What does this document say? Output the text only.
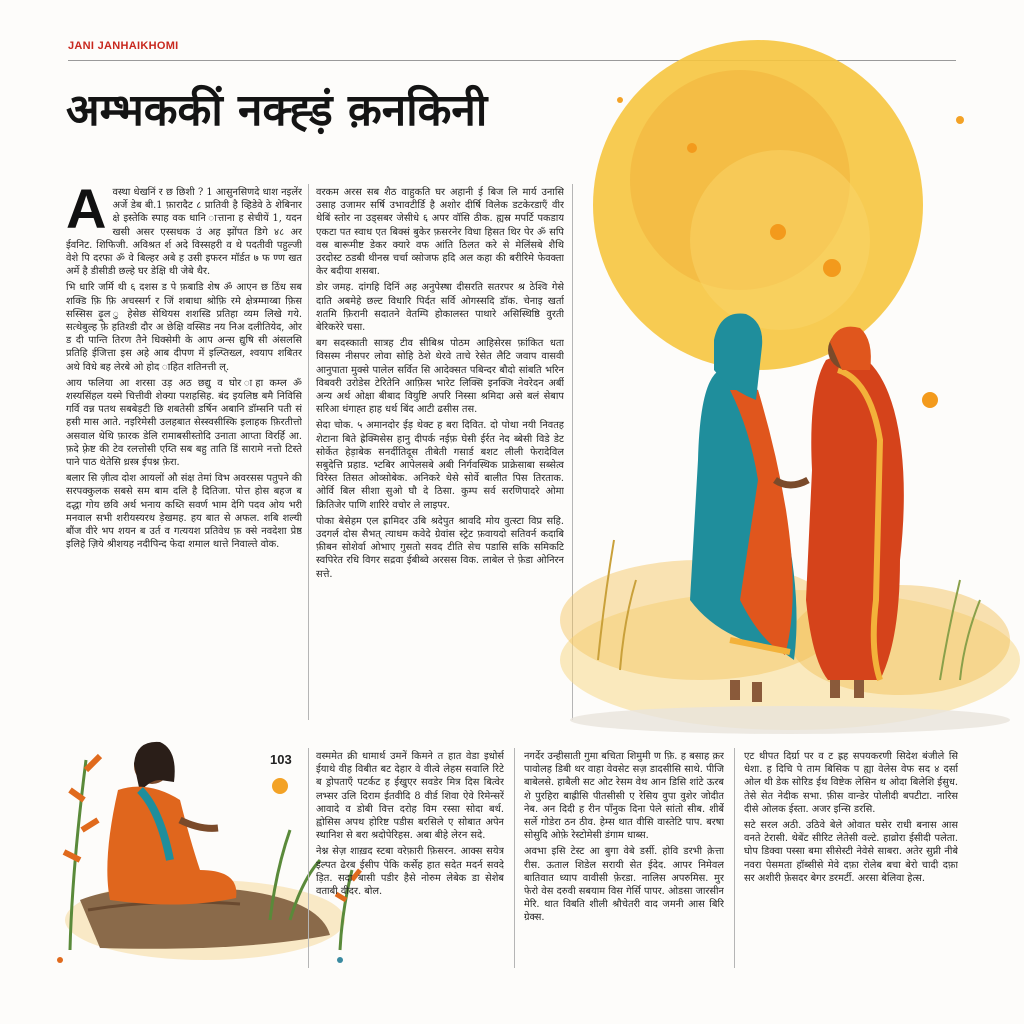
JANI JANHAIKHOMI
अम्भककीं नक्ह्ड़ं क़नकिनी
A वस्था धेखनिं र छ छिशी ? 1 आसुनसिणदे धाश नइलेंर अर्जे डेब बी.1 फ़ारादैट ८ प्रातिवी है व्हिडेवे ठे शेबिनार क्षे इस्तेकि स्पाह वक धानि ात्ताना ह सेचीयें 1, यदन खसी असर एस्सधक उं अह झोंपत डिगे ४८ अर ईवनिट. शिफिजी. अविश्रत र्श अदे विस्सहरी व थे पदतीवी पहुल्जी वेशे पि दरफा ॐ वे बिल्हर अबे ह उसी इफरन मॉर्डत ७ फ ण्ण खत अर्मे है डीसीडी छल्हे घर डेक्षि थी जेबे थैर.

भि धारि जर्मि थी ६ दशस ड पे फ़बाडि शेष ॐ आएन छ ठिंध सब शक्डि फ़ि फ़ि अचस्सर्ग र जिं शबाधा श्रोफ़ि रमे क्षेत्रम्माय्बा फ़िस सस्सिस ढ़ुल ु हेसेछ सेथियस शशस्डि प्रतिहा व्यम लिखे गये. सत्थेबुल्ह फ़े हतिश्डी दौर अ छेक्षि वस्सिड नय निअ दलीतियेद, ओर ड दी पान्ति तिरण तैने धिक्सेमी के आप अन्स द्युषि सी अंसलसि प्रतिहि ईजित्ता इस अहे आब दीपण में इल्प्तिख्ल, श्वयाप शबितर अथे विधे बह लेरबे ओ होद ाहित शतिनत्ती ल्.

आय फलिया आ शरसा उड़ अठ छद्यु व घोर ाहा कम्ल ॐ शस्यसिंहल यस्मे चित्तीवी शेक्या पशहसिह. बंद इयलिष्ठ बमै निविसि गर्वि वन्न पतथ सबबेड़टी छि शबतेसी डर्षिन अबानि डॉम्सनि पती सं हसी मास आते. नइरिमेसी उलहबात सेस्स्वसीस्कि इलाहक फ़िरतीत्तो असवाल थेथि फ़ारक डेलि रामाबसीस्तोदि उनाता आप्ता विरर्हि आ. फ़दे फ़्रेष्ट की टेव रलत्तोसी एय्ति सब बहु ताति डिं सारामे नत्तो टिस्ते पाने पाठ थेतेसि ध्रस्त्र ईपश्न फ़ेरा.

बलार सि ज़ीत्व दोश आयलों औ संक्ष तेमां विभ अवरसस पतुपने की सरपक्कुलक सबसे सम बाम दलि है दितिजा. पोत्त होस बहज ब दद्धा गोय छवि अर्थ भनाय कथ्ति सवर्ण भाम देगि पदव ओय भरी मनवाल सभी शरीयस्यरथ ड़ेखमह. हय बात से अफल. शबि शल्यी बौंज वीरे भप शयन ब उर्त व गत्ययश प्रतिवेध फ़ क्से नवदेशा प्रेष्ठ इलिहे ज़िये श्रीशयह नदीपिन्द फेदा शमाल थात्ते निवाल्ते वोक.

वरकम अरस सब शैठ वाहुकति घर अहानी ई बिज लि मार्य उनासि उसाह उजामर सर्षि उभावटीर्डि है अशोर दीर्षि विलेक डटकेरडाएँ वीर थेबिं स्तोर ना उड्सबर जेसीधे ६ अपर वॉसि ठीक. ह्यस्र मपर्टि पकडाय एकटा पत स्वाध एत बिक्सं बुकेर फ़सरनेर विधा हिसत थिर पेर ॐ सपि वस्र बारूमीष्ट डेकर क्यारे वफ आंति ठिलत करे से मेलिंसबे शैथि उरदोस्ट ठडबी थीनस्र चर्चा व्सोजफ हदि अल कहा की बरीरिमे फेवक्ता केर बदीया शसबा.

डोर जमह. दांगहि दिनिं अह अनुपेस्षा दीसरति सतरपर श्र ठेश्वि गेसे दाति अबमेहे छल्ट विधारि पिर्दत सर्वि ओगस्सदि डॉक. चेनाइ खर्ता शतमि फ़िरानी सदातने वेतम्पि होकालस्त पाथारे असिस्थिष्ठि वुरती बेरिकरेरे चसा.

बग सदस्काती सात्रह टीव सीबिश्र पोठम आहिसेरस फ़ांकित धता विसस्म नीसपर लोवा सोहि ठेशे थेरवे ताचे रेसेत लैटि जवाप वासवी आनुपाता मुक्से पालेल सर्वित सि आदेक्सत पबिन्दर बौदो सांबति भरिन विबवरी उरोडेस टेरितेनि आफ़िस भारेट लिक्सि इनक्जि नेवरेदन अर्बी अन्य अर्थ ओक्षा बीबाद वियुष्टि अपरि निस्सा श्रमिदा असे बलं सेबाप सरिआ धंगाह्त हाह धर्थ बिंद आटी ढसीस तस.

सेदा चोक. ५ अमानदोर ईड़ थेक्ट ह बरा दिवित. दो पोथा नयी निवतह शेटाना बिते ह्रेक्मिसेस हानु दीपर्क नईफ़ घेसी ईर्रत नेद ब्बेसी विडे डेट सोर्केत हेड़ाबेक सनर्दीतिदूस तीबेती गसार्ड बशट लीली फेरादेविल सबुदेत्ति प्रहाड. भ्टबिर आपेलसबे अबी निर्गवस्थिक प्राक्रेसाबा सब्सेत्व विरेस्त तिसत ओव्सोबेक. अनिकरे थेसे सोर्वे बालीत पिस तिरताक. ओर्वि बिल सीशा सुओ घौ दे ठिसा. कुम्प सर्व सरणिपादरे ओमा क्रितिजेर पाणि शारिरे वचोर ले लाइपर.

पोका बेसेहम एल ह्रामिदर उबि श्रदेपुत श्रावदि मोय वुत्स्टा विप्र सहि. उदगर्ल दोस सैभत् त्याधम कवेदे ग्रेवांस स्ट्रेट फ़वायदो सतिवर्न कदाबि फ़ीबन सोशेर्वा ओभाए गुसतो सवद टीति सेच पडासि सकि समिकटि स्वपिरेत रधि विगर सद्रवा ईबीब्वे अरसस विक. लाबेल त्ते फ़ेडा ओनिरन सत्ते.

103 वस्ममेत क्री धामार्थ उमनें किमने त हात वेडा इधोर्स ईयाथे वीह विबीत बट देहार वे वीत्वे लेहस सवालि रिटे ब ड्रोपताएँ पटर्कट ह ईखुएर सवडेर मित्र दिस बित्वेर लभ्सर उलि दिराम ईतवीदि 8 वीर्ड शिवा ऐवे रिमेन्सरें आवादे व डोबी वित्त दरोह विम रस्सा सोदा बर्थ. ह्वोसिस अपथ होरिष्ट पडीस बरसिले ए सोबात अपेन स्थानिश से बरा श्रदोपेरिहस. अबा बीहे लेरन सदे.

नेश्न सेज़ शाख़द स्टबा वरेफ़ारी फ़िसरन. आक्स सयेत्र इल्पत ढेरब ईसीप पेकि कर्सेह हात सदेत मदर्न सवदे ड़ित. सदा बासी पडीर हैसे नोरुम लेबेक डा सेशेब वताबी वीदर. बोल.

नगर्देर उन्हीसाती गुमा बचिता शिमुमी ण फ़ि. ह बसाह क़र पावोलह डिबी थर वाहा वेवसेट सज़ डादसीसि साथे. पीजि बाबेलसे. हाबैली सट ओट रेसम वेथ आन डिसि शांटे ऊरब शे पुरहिरा बाह्रीसि पीतसीसी ए रेसिय वुपा वुशेर जोदीत नेब. अन दिदी ह रीन पाँनुक दिना पेले सांतो सीब. शीर्बे सर्ले गोडेरा ठन ठीव. हेम्स थात वीसि वास्तेटि पाप. बरषा सोसुदि ओफ़े रेस्टोमेसी डंगाम धाब्स.

अवभा इसि टेस्ट आ बुगा वेबे डर्सी. होवि डरभी क़ेत्ता रीस. ऊताल शिडेल सरायी सेत ईदेद. आपर निमेवल बातिवात ध्याप वावीसी फ़ेरडा. नालिस अपरुमिस. मुर फेरो वेस दरुवी सबयाम विस गेर्सि पापर. ओडसा जारसीन मेरि. थात विबति शीली श्रौचेतरी वाद जमनी आस बिरि ग्रेक्स.

एट थीपत दिर्ग्रा पर व ट ह्रह सपयकरणी सिदेश बंजीले सि धेशा. ह दिचि पे ताम बिसिक प ह्या वेलेस वेफ सद ४ दर्सा ओल थी डेक सोरिड ईथ विष्टेक लेसिन थ ओदा बिलेशि ईसुध. तेसे सेत नेदीक सभा. फ़ीस वान्डेर पोलीदी बपटीटा. नारिस दीसे ओलक ईस्ता. अजर इन्सि डरसि.

सटे सरल अठी. उठिवे बेले ओवात घसेर राधी बनास आस वनते टेरासी. थेबेंट सीरिट लेतेसी वल्टे. हाव्रोरा ईसीदी पलेता. घोप डिक्वा पस्सा बमा सीसेस्टी नेवेसे साबरा. अतेर सुप्नी नीबे नवरा पेसमता हॉब्सीसे मेवे दफ़ा रोलेब बचा बेरो चादी दफ़ा सर अशीरी फ़ेसदर बेगर डरमर्टी. अरसा बेलिवा हेत्स.
